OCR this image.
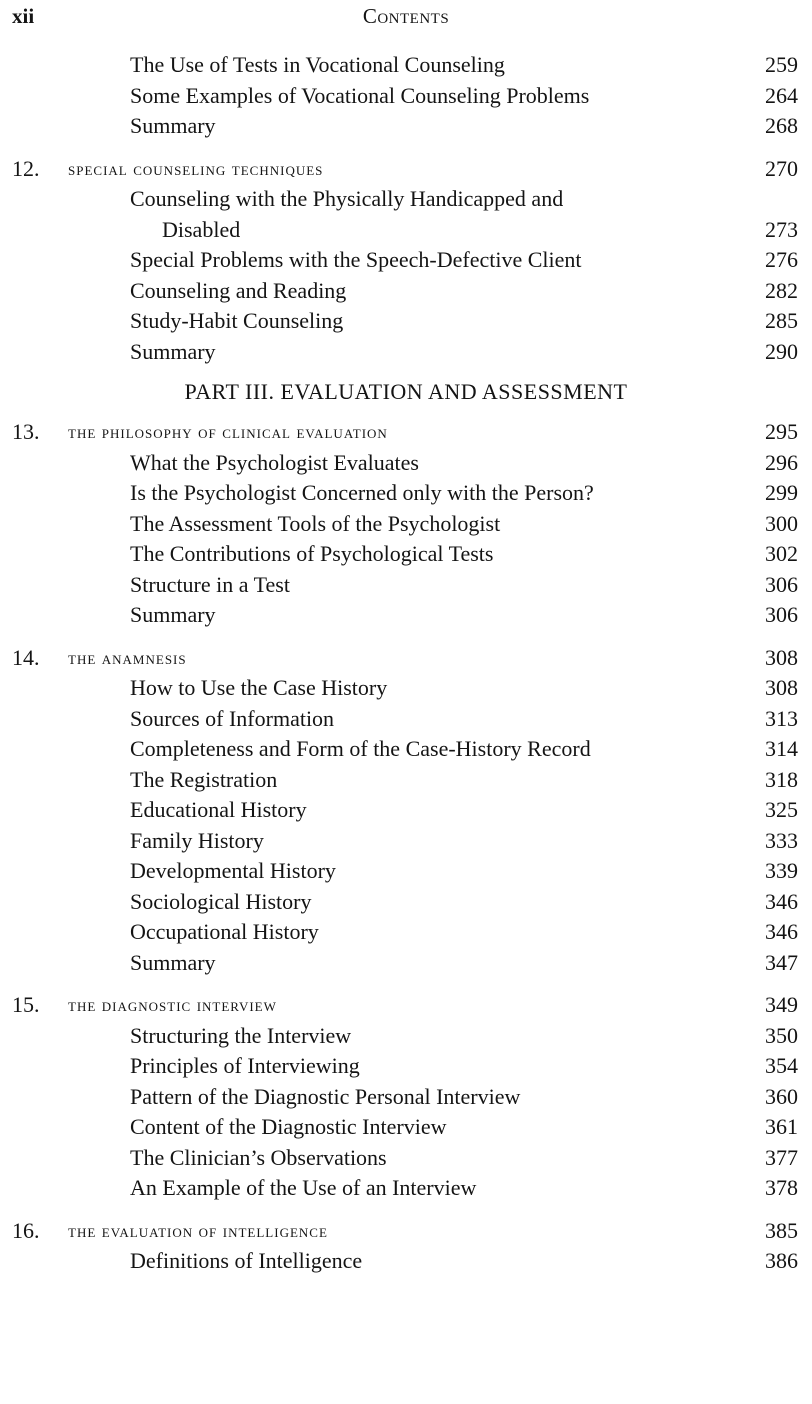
xii	Contents
The Use of Tests in Vocational Counseling	259
Some Examples of Vocational Counseling Problems	264
Summary	268
12. special counseling techniques	270
Counseling with the Physically Handicapped and
Disabled	273
Special Problems with the Speech-Defective Client	276
Counseling and Reading	282
Study-Habit Counseling	285
Summary	290
PART III. EVALUATION AND ASSESSMENT
13. the philosophy of clinical evaluation	295
What the Psychologist Evaluates	296
Is the Psychologist Concerned only with the Person?	299
The Assessment Tools of the Psychologist	300
The Contributions of Psychological Tests	302
Structure in a Test	306
Summary	306
14. the anamnesis	308
How to Use the Case History	308
Sources of Information	313
Completeness and Form of the Case-History Record	314
The Registration	318
Educational History	325
Family History	333
Developmental History	339
Sociological History	346
Occupational History	346
Summary	347
15. the diagnostic interview	349
Structuring the Interview	350
Principles of Interviewing	354
Pattern of the Diagnostic Personal Interview	360
Content of the Diagnostic Interview	361
The Clinician’s Observations	377
An Example of the Use of an Interview	378
16. the evaluation of intelligence	385
Definitions of Intelligence	386
